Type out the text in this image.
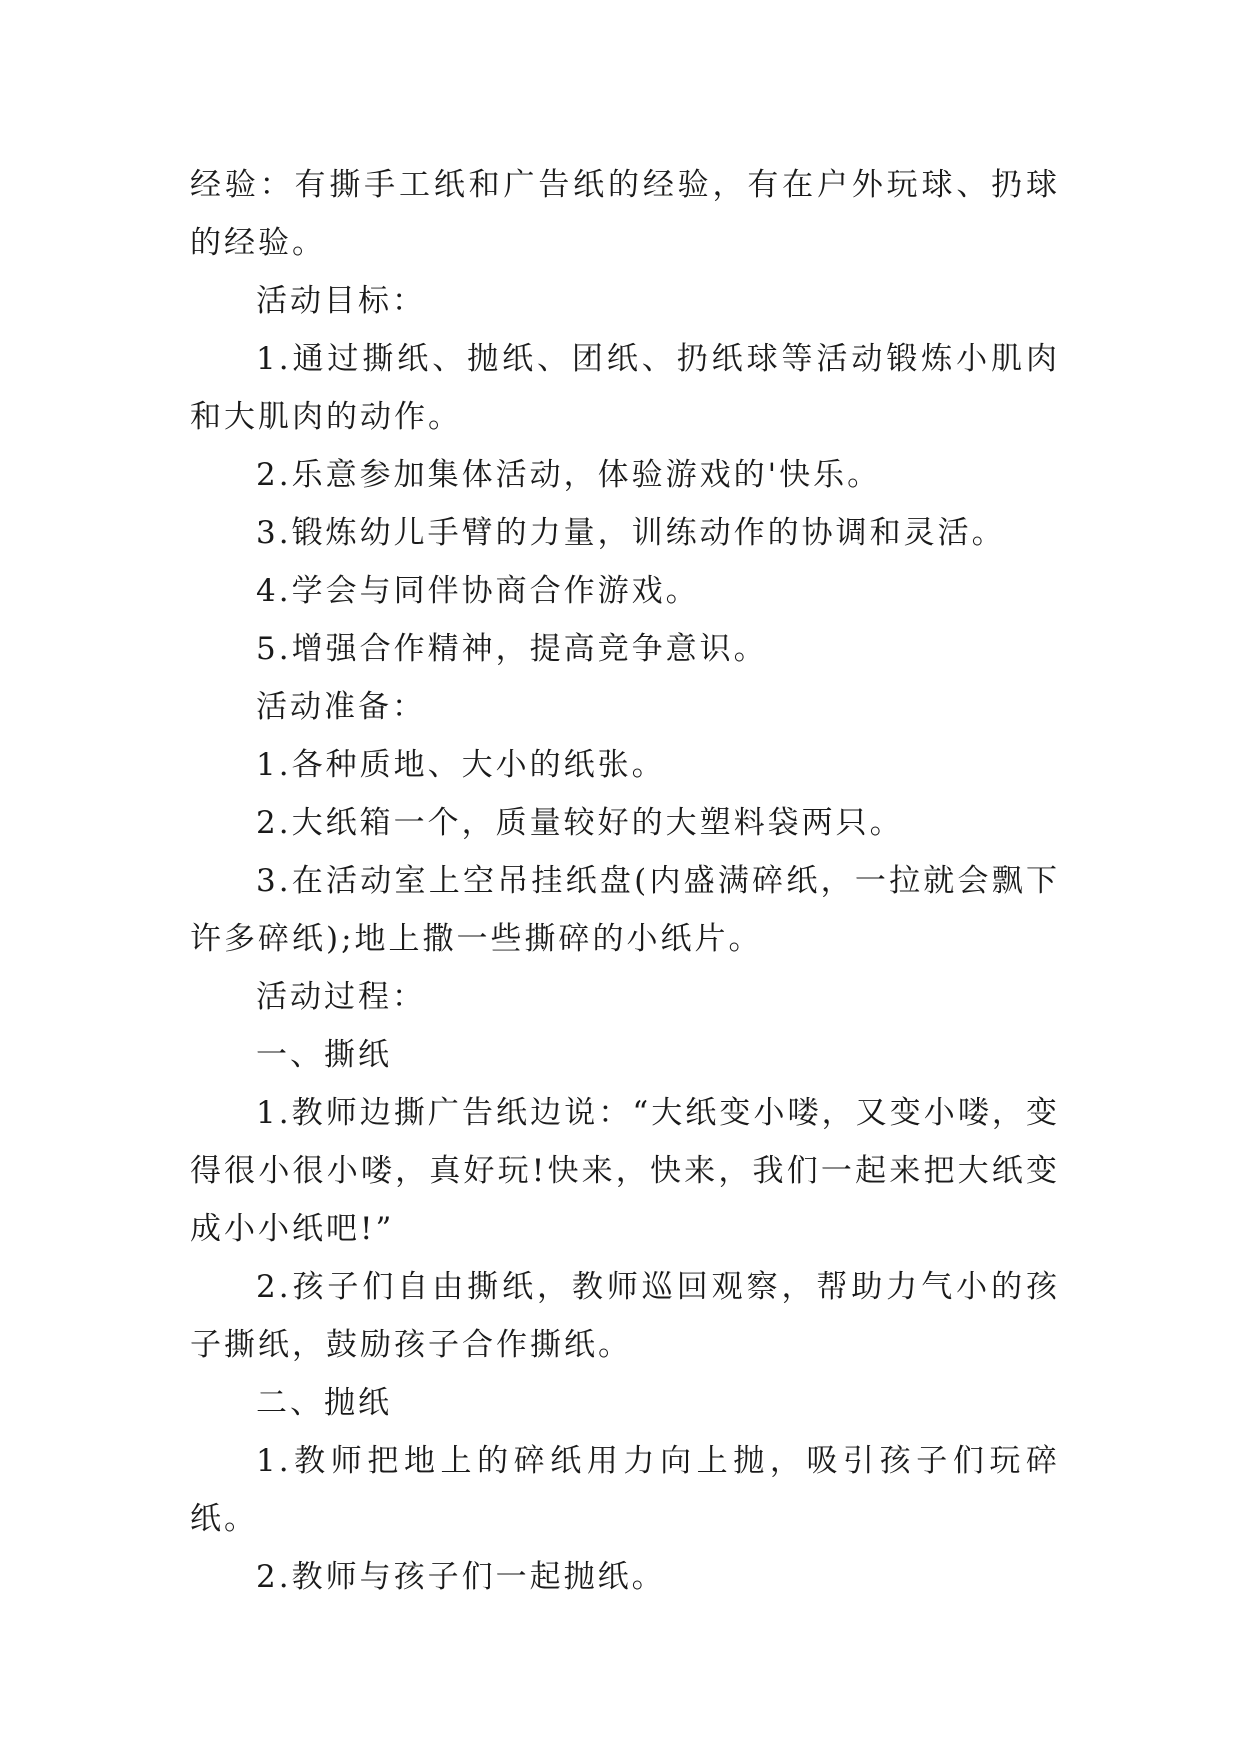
经验：有撕手工纸和广告纸的经验，有在户外玩球、扔球的经验。

活动目标：

1.通过撕纸、抛纸、团纸、扔纸球等活动锻炼小肌肉和大肌肉的动作。

2.乐意参加集体活动，体验游戏的'快乐。

3.锻炼幼儿手臂的力量，训练动作的协调和灵活。

4.学会与同伴协商合作游戏。

5.增强合作精神，提高竞争意识。

活动准备：

1.各种质地、大小的纸张。

2.大纸箱一个，质量较好的大塑料袋两只。

3.在活动室上空吊挂纸盘(内盛满碎纸，一拉就会飘下许多碎纸);地上撒一些撕碎的小纸片。

活动过程：

一、撕纸

1.教师边撕广告纸边说：“大纸变小喽，又变小喽，变得很小很小喽，真好玩!快来，快来，我们一起来把大纸变成小小纸吧!”

2.孩子们自由撕纸，教师巡回观察，帮助力气小的孩子撕纸，鼓励孩子合作撕纸。

二、抛纸

1.教师把地上的碎纸用力向上抛，吸引孩子们玩碎纸。

2.教师与孩子们一起抛纸。
